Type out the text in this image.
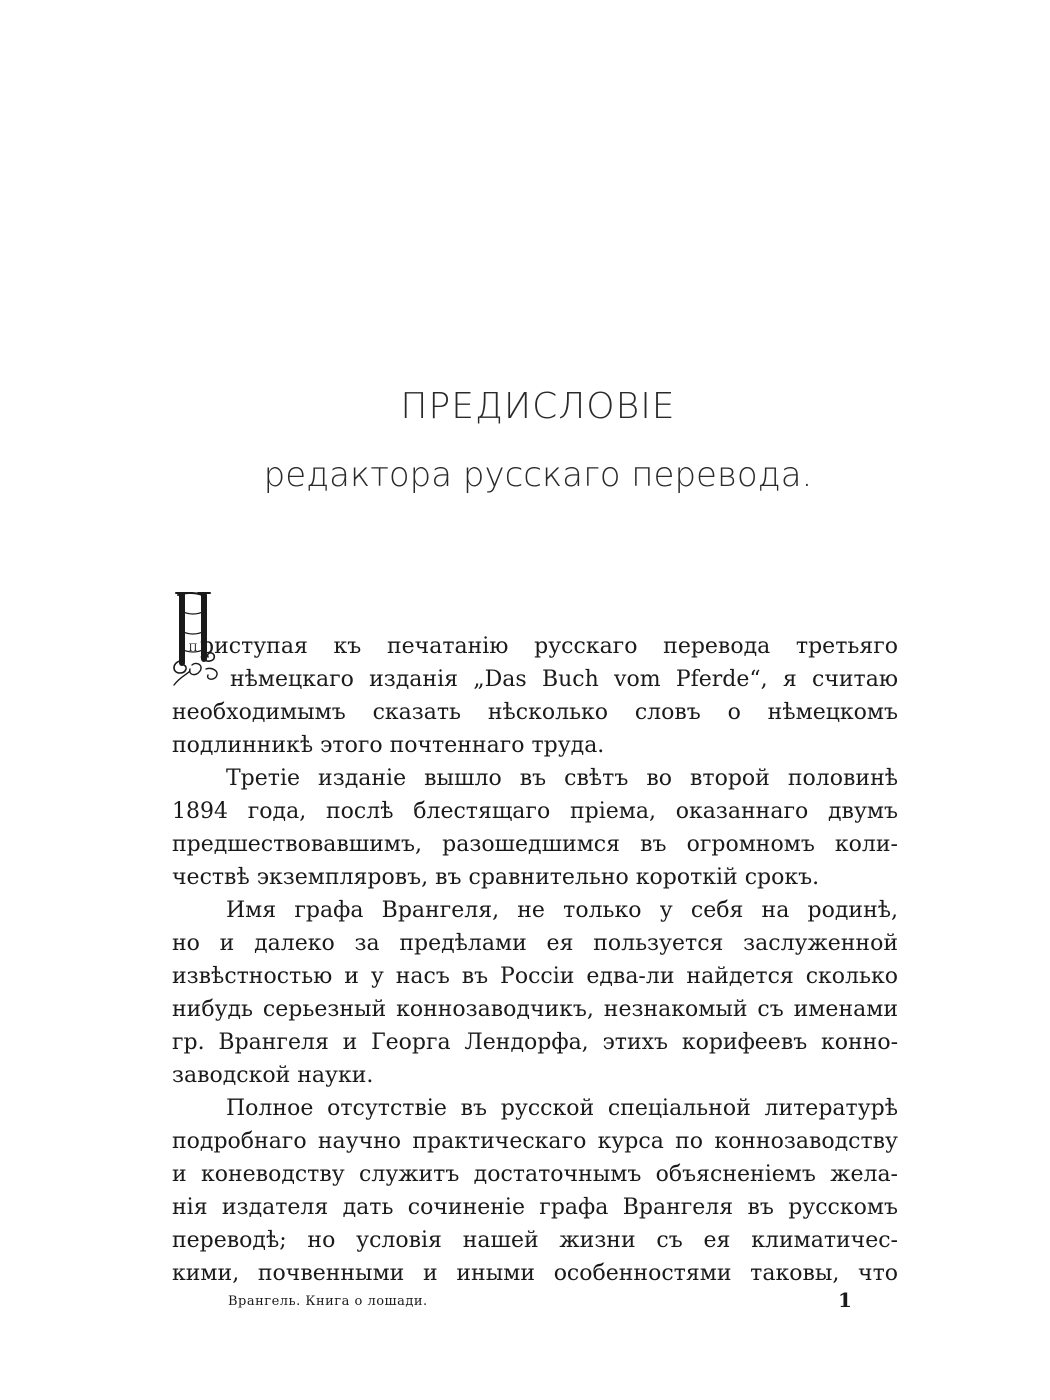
ПРЕДИСЛОВІЕ
редактора русскаго перевода.
П риступая къ печатанію русскаго перевода третьяго
нѣмецкаго изданія „Das Buch vom Pferde“, я считаю
необходимымъ сказать нѣсколько словъ о нѣмецкомъ
подлинникѣ этого почтеннаго труда.
Третіе изданіе вышло въ свѣтъ во второй половинѣ
1894 года, послѣ блестящаго пріема, оказаннаго двумъ
предшествовавшимъ, разошедшимся въ огромномъ коли-
чествѣ экземпляровъ, въ сравнительно короткій срокъ.
Имя графа Врангеля, не только у себя на родинѣ,
но и далеко за предѣлами ея пользуется заслуженной
извѣстностью и у насъ въ Россіи едва-ли найдется сколько
нибудь серьезный коннозаводчикъ, незнакомый съ именами
гр. Врангеля и Георга Лендорфа, этихъ корифеевъ конно-
заводской науки.
Полное отсутствіе въ русской спеціальной литературѣ
подробнаго научно практическаго курса по коннозаводству
и коневодству служитъ достаточнымъ объясненіемъ жела-
нія издателя дать сочиненіе графа Врангеля въ русскомъ
переводѣ; но условія нашей жизни съ ея климатичес-
кими, почвенными и иными особенностями таковы, что
Врангель. Книга о лошади.	1
